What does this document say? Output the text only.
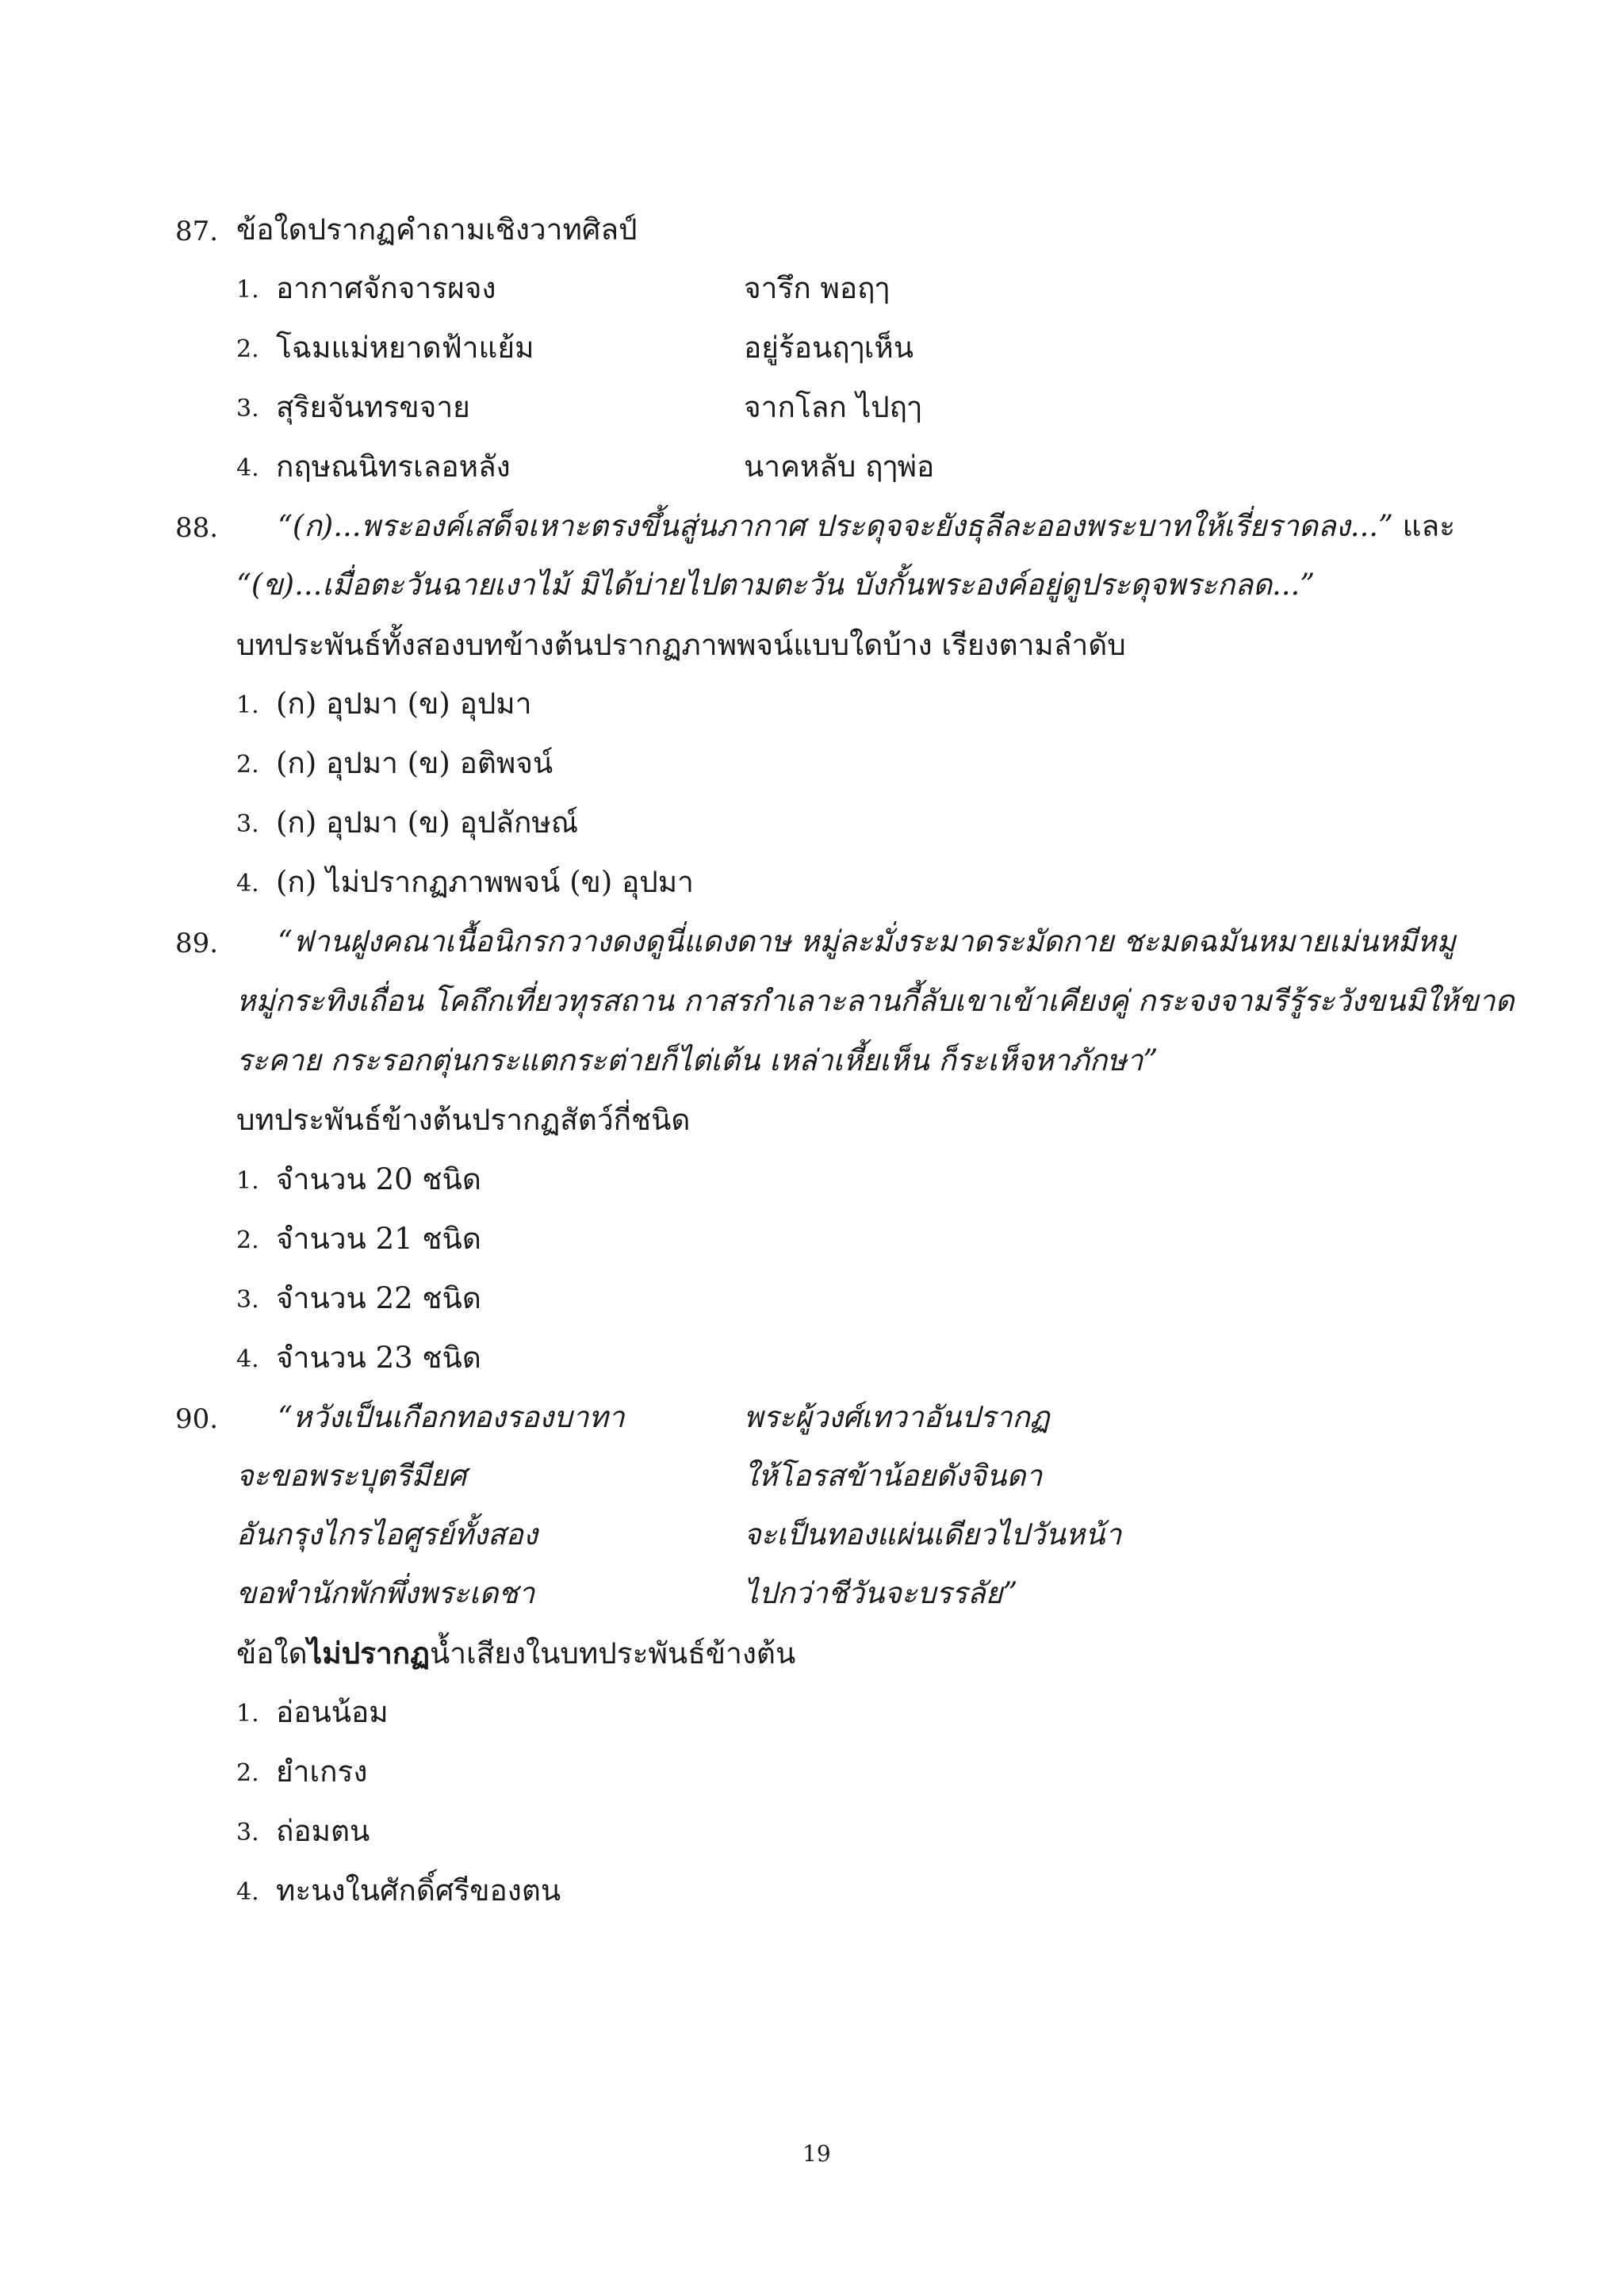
87. ข้อใดปรากฏคำถามเชิงวาทศิลป์
1. อากาศจักจารผจง	จารึก พอฤๅ
2. โฉมแม่หยาดฟ้าแย้ม	อยู่ร้อนฤๅเห็น
3. สุริยจันทรขจาย	จากโลก ไปฤๅ
4. กฤษณนิทรเลอหลัง	นาคหลับ ฤๅพ่อ
88. “(ก)...พระองค์เสด็จเหาะตรงขึ้นสู่นภากาศ ประดุจจะยังธุลีละอองพระบาทให้เรี่ยราดลง...” และ
“(ข)...เมื่อตะวันฉายเงาไม้ มิได้บ่ายไปตามตะวัน บังกั้นพระองค์อยู่ดูประดุจพระกลด...”
บทประพันธ์ทั้งสองบทข้างต้นปรากฏภาพพจน์แบบใดบ้าง เรียงตามลำดับ
1. (ก) อุปมา (ข) อุปมา
2. (ก) อุปมา (ข) อติพจน์
3. (ก) อุปมา (ข) อุปลักษณ์
4. (ก) ไม่ปรากฏภาพพจน์ (ข) อุปมา
89. “ฟานฝูงคณาเนื้อนิกรกวางดงดูนี่แดงดาษ หมู่ละมั่งระมาดระมัดกาย ชะมดฉมันหมายเม่นหมีหมู
หมู่กระทิงเถื่อน โคถึกเที่ยวทุรสถาน กาสรกำเลาะลานกี้ลับเขาเข้าเคียงคู่ กระจงจามรีรู้ระวังขนมิให้ขาด
ระคาย กระรอกตุ่นกระแตกระต่ายก็ไต่เต้น เหล่าเหี้ยเห็น ก็ระเห็จหาภักษา”
บทประพันธ์ข้างต้นปรากฏสัตว์กี่ชนิด
1. จำนวน 20 ชนิด
2. จำนวน 21 ชนิด
3. จำนวน 22 ชนิด
4. จำนวน 23 ชนิด
90. “หวังเป็นเกือกทองรองบาทา	พระผู้วงศ์เทวาอันปรากฏ
จะขอพระบุตรีมียศ	ให้โอรสข้าน้อยดังจินดา
อันกรุงไกรไอศูรย์ทั้งสอง	จะเป็นทองแผ่นเดียวไปวันหน้า
ขอพำนักพักพึ่งพระเดชา	ไปกว่าชีวันจะบรรลัย”
ข้อใดไม่ปรากฏน้ำเสียงในบทประพันธ์ข้างต้น
1. อ่อนน้อม
2. ยำเกรง
3. ถ่อมตน
4. ทะนงในศักดิ์ศรีของตน
19
